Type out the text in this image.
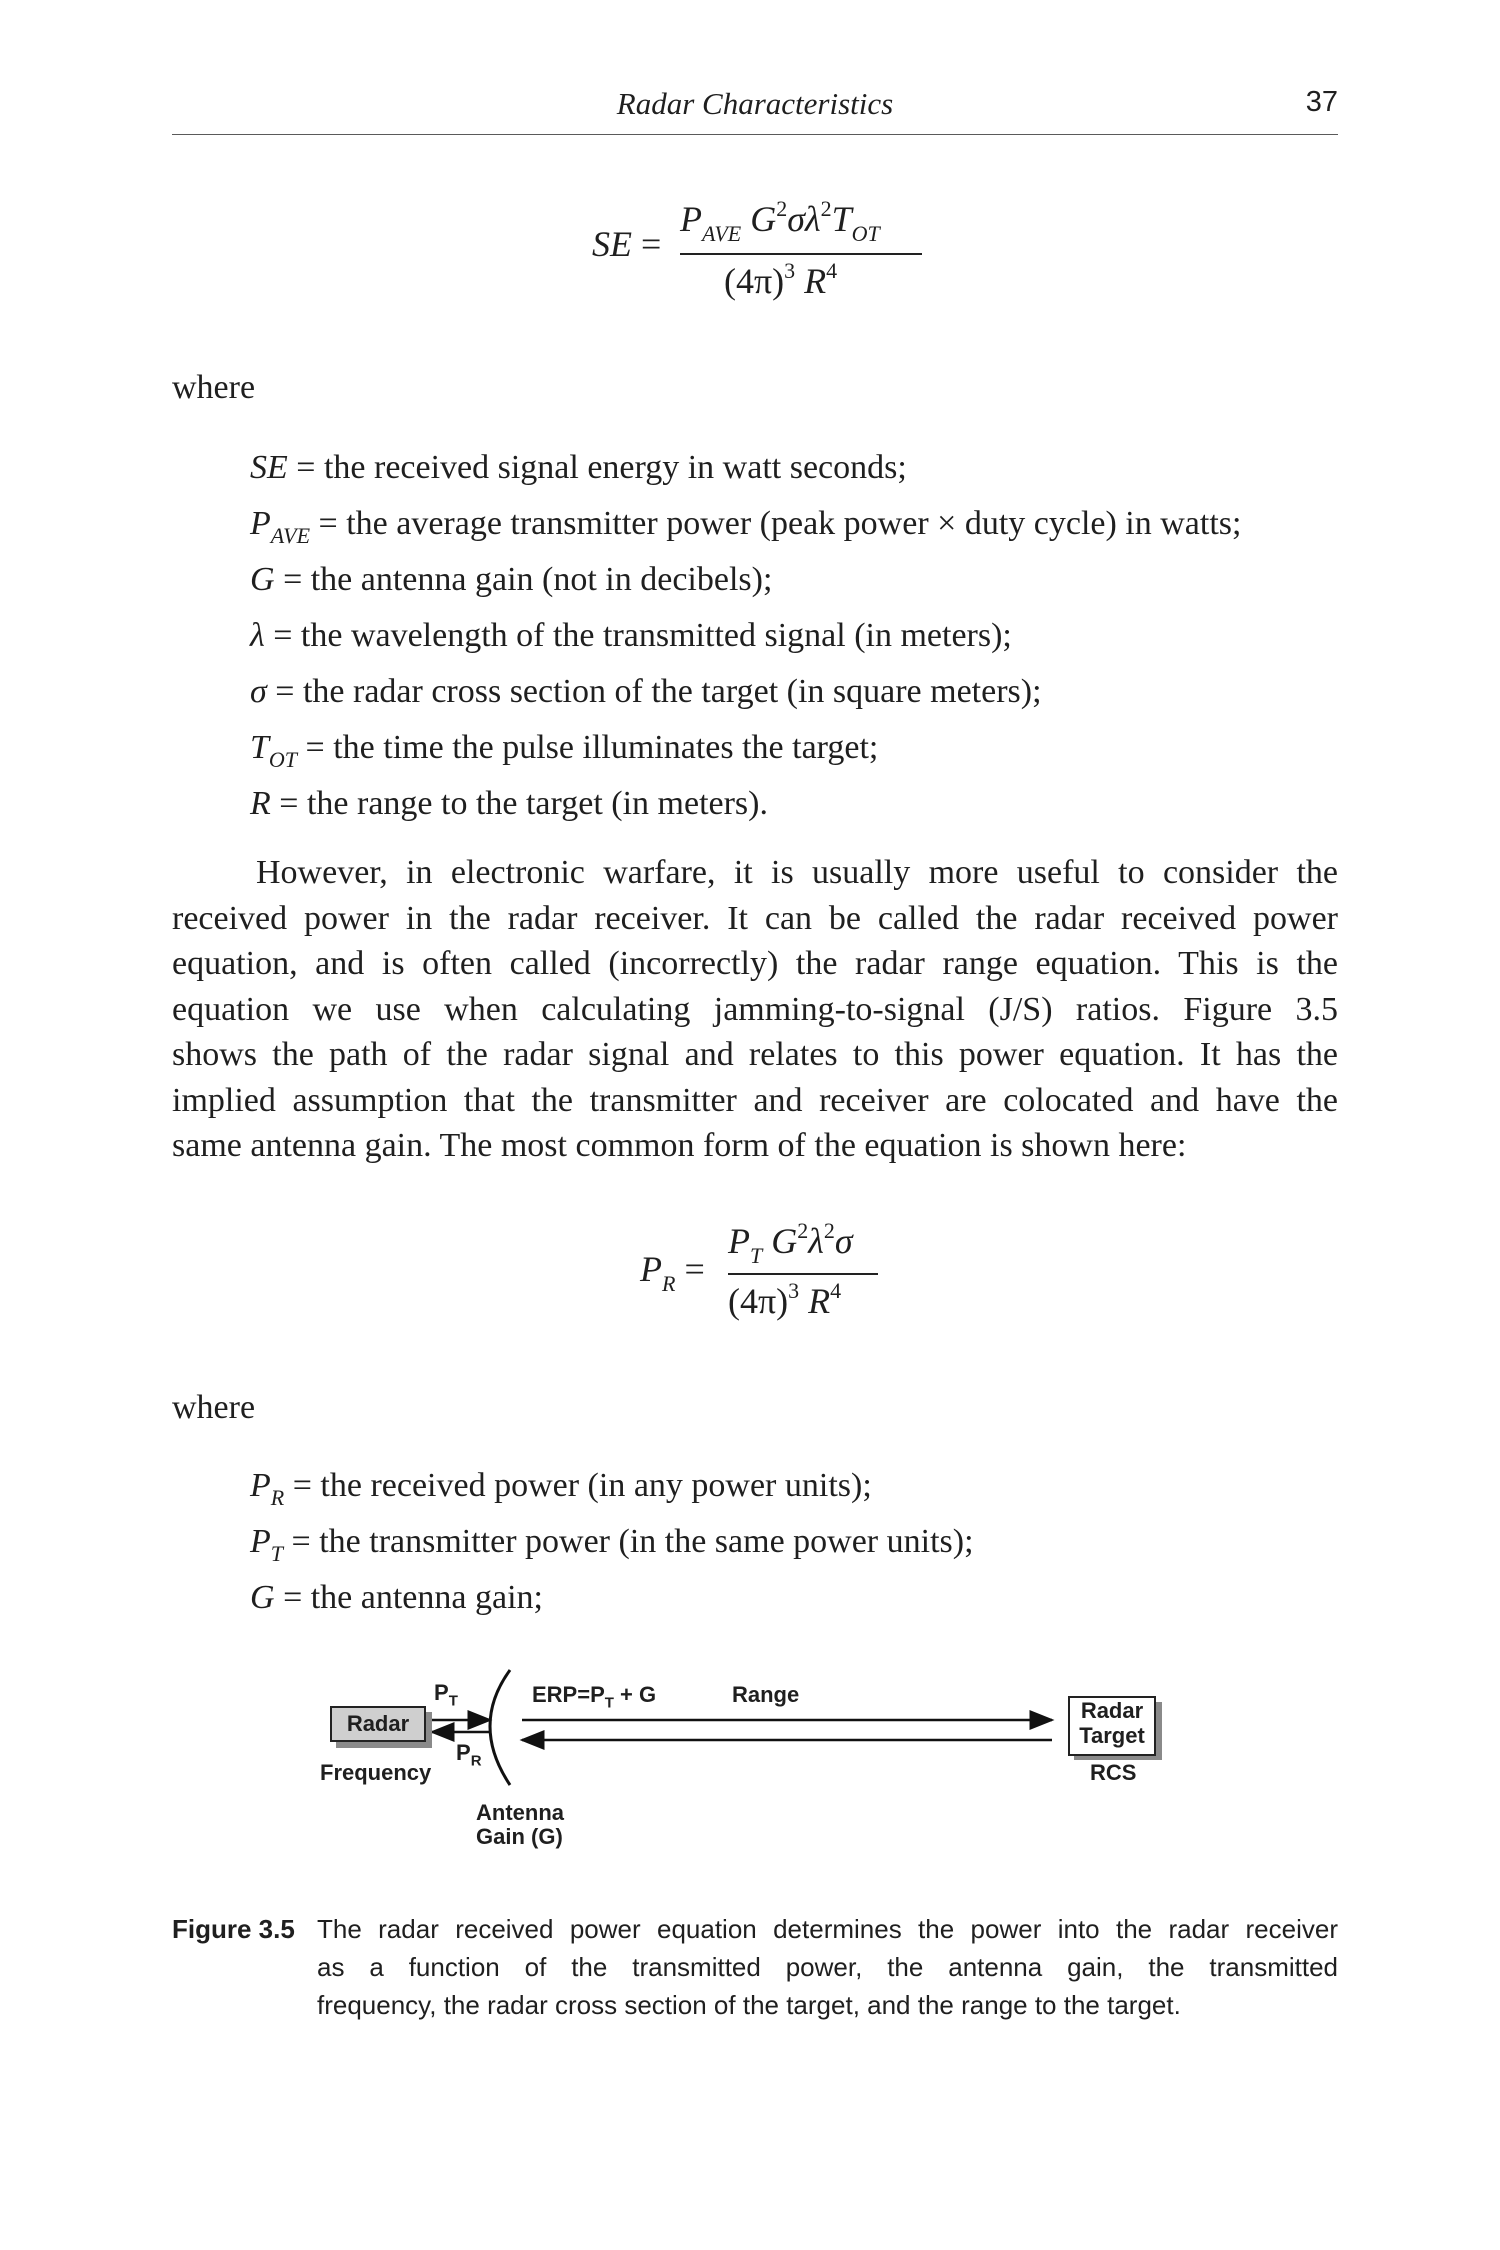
Radar Characteristics	37
SE =
$P_{AVE}$ $G^2\sigma\lambda^2T_{OT}$
$(4\pi)^3$ $R^4$
where
SE = the received signal energy in watt seconds;
$P_{AVE}$ = the average transmitter power (peak power × duty cycle) in watts;
G = the antenna gain (not in decibels);
λ = the wavelength of the transmitted signal (in meters);
σ = the radar cross section of the target (in square meters);
$T_{OT}$ = the time the pulse illuminates the target;
R = the range to the target (in meters).
However, in electronic warfare, it is usually more useful to consider the
received power in the radar receiver. It can be called the radar received power
equation, and is often called (incorrectly) the radar range equation. This is the
equation we use when calculating jamming-to-signal (J/S) ratios. Figure 3.5
shows the path of the radar signal and relates to this power equation. It has the
implied assumption that the transmitter and receiver are colocated and have the
same antenna gain. The most common form of the equation is shown here:
$P_R$ =
$P_T$ $G^2\lambda^2\sigma$
$(4\pi)^3$ $R^4$
where
$P_R$ = the received power (in any power units);
$P_T$ = the transmitter power (in the same power units);
G = the antenna gain;
Radar
$P_T$
$P_R$
Frequency
$ERP=P_T + G$	Range
Antenna
Gain (G)
Radar
Target
RCS
Figure 3.5 The radar received power equation determines the power into the radar receiver
as a function of the transmitted power, the antenna gain, the transmitted
frequency, the radar cross section of the target, and the range to the target.
